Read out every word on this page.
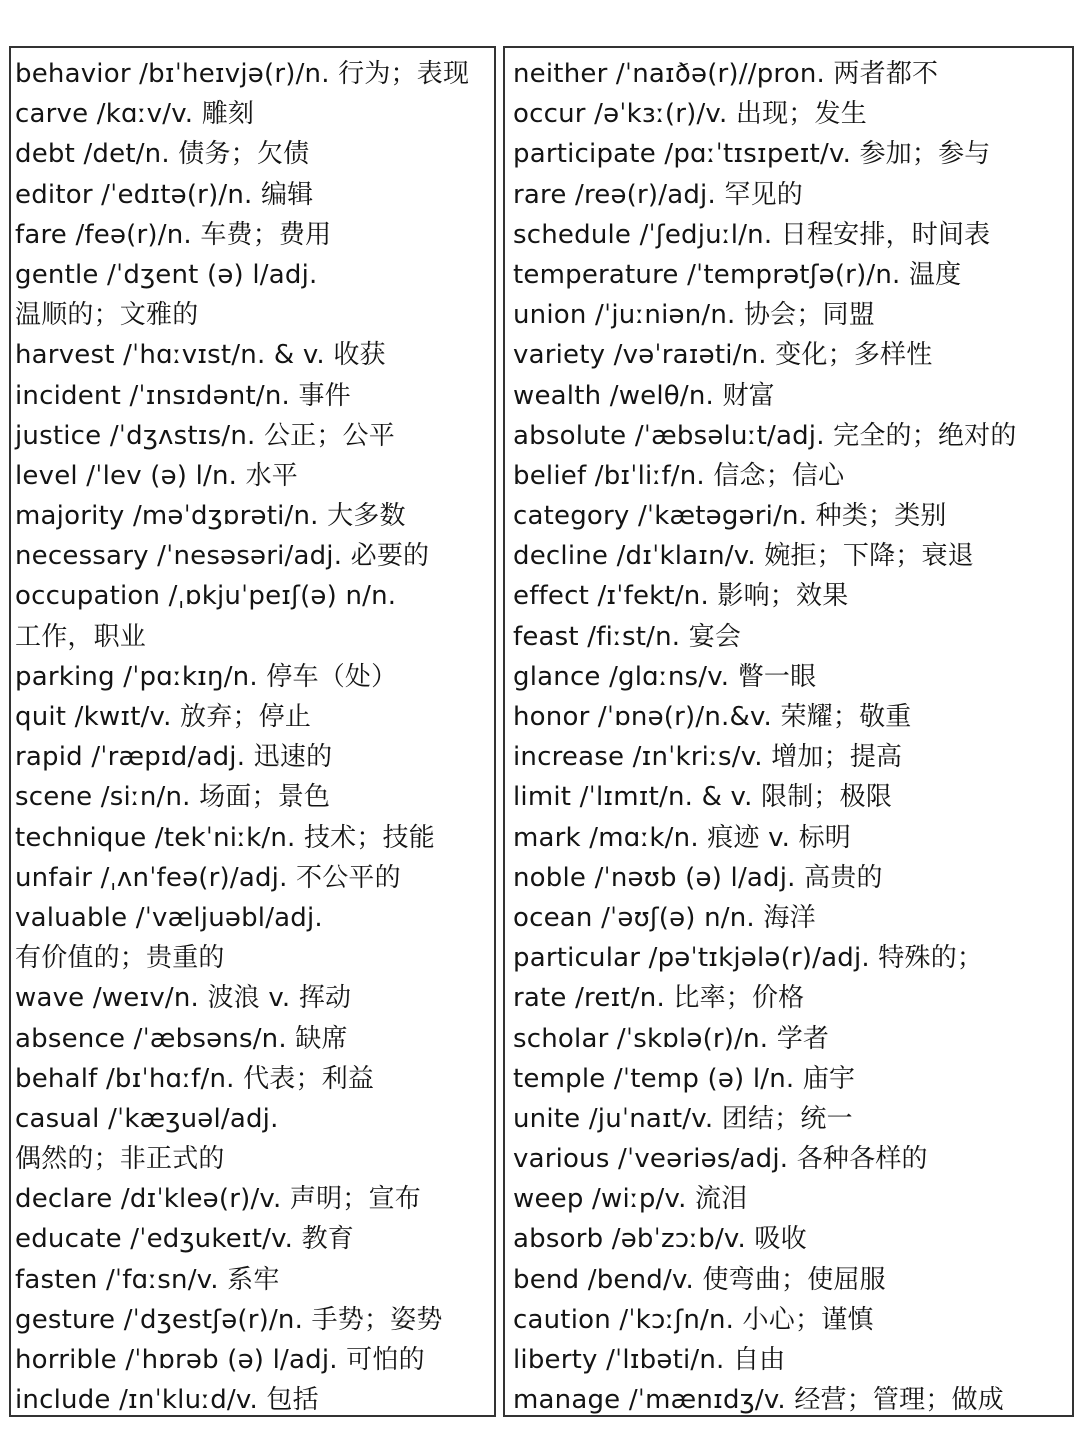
behavior /bɪˈheɪvjə(r)/n. 行为；表现
carve /kɑːv/v. 雕刻
debt /det/n. 债务；欠债
editor /ˈedɪtə(r)/n. 编辑
fare /feə(r)/n. 车费；费用
gentle /ˈdʒent (ə) l/adj.
温顺的；文雅的
harvest /ˈhɑːvɪst/n. & v. 收获
incident /ˈɪnsɪdənt/n. 事件
justice /ˈdʒʌstɪs/n. 公正；公平
level /ˈlev (ə) l/n. 水平
majority /məˈdʒɒrəti/n. 大多数
necessary /ˈnesəsəri/adj. 必要的
occupation /ˌɒkjuˈpeɪʃ(ə) n/n.
工作，职业
parking /ˈpɑːkɪŋ/n. 停车（处）
quit /kwɪt/v. 放弃；停止
rapid /ˈræpɪd/adj. 迅速的
scene /siːn/n. 场面；景色
technique /tekˈniːk/n. 技术；技能
unfair /ˌʌnˈfeə(r)/adj. 不公平的
valuable /ˈvæljuəbl/adj.
有价值的；贵重的
wave /weɪv/n. 波浪 v. 挥动
absence /ˈæbsəns/n. 缺席
behalf /bɪˈhɑːf/n. 代表；利益
casual /ˈkæʒuəl/adj.
偶然的；非正式的
declare /dɪˈkleə(r)/v. 声明；宣布
educate /ˈedʒukeɪt/v. 教育
fasten /ˈfɑːsn/v. 系牢
gesture /ˈdʒestʃə(r)/n. 手势；姿势
horrible /ˈhɒrəb (ə) l/adj. 可怕的
include /ɪnˈkluːd/v. 包括
neither /ˈnaɪðə(r)//pron. 两者都不
occur /əˈkɜː(r)/v. 出现；发生
participate /pɑːˈtɪsɪpeɪt/v. 参加；参与
rare /reə(r)/adj. 罕见的
schedule /ˈʃedjuːl/n. 日程安排，时间表
temperature /ˈtemprətʃə(r)/n. 温度
union /ˈjuːniən/n. 协会；同盟
variety /vəˈraɪəti/n. 变化；多样性
wealth /welθ/n. 财富
absolute /ˈæbsəluːt/adj. 完全的；绝对的
belief /bɪˈliːf/n. 信念；信心
category /ˈkætəgəri/n. 种类；类别
decline /dɪˈklaɪn/v. 婉拒；下降；衰退
effect /ɪˈfekt/n. 影响；效果
feast /fiːst/n. 宴会
glance /glɑːns/v. 瞥一眼
honor /ˈɒnə(r)/n.&v. 荣耀；敬重
increase /ɪnˈkriːs/v. 增加；提高
limit /ˈlɪmɪt/n. & v. 限制；极限
mark /mɑːk/n. 痕迹 v. 标明
noble /ˈnəʊb (ə) l/adj. 高贵的
ocean /ˈəʊʃ(ə) n/n. 海洋
particular /pəˈtɪkjələ(r)/adj. 特殊的；
rate /reɪt/n. 比率；价格
scholar /ˈskɒlə(r)/n. 学者
temple /ˈtemp (ə) l/n. 庙宇
unite /juˈnaɪt/v. 团结；统一
various /ˈveəriəs/adj. 各种各样的
weep /wiːp/v. 流泪
absorb /əbˈzɔːb/v. 吸收
bend /bend/v. 使弯曲；使屈服
caution /ˈkɔːʃn/n. 小心；谨慎
liberty /ˈlɪbəti/n. 自由
manage /ˈmænɪdʒ/v. 经营；管理；做成
